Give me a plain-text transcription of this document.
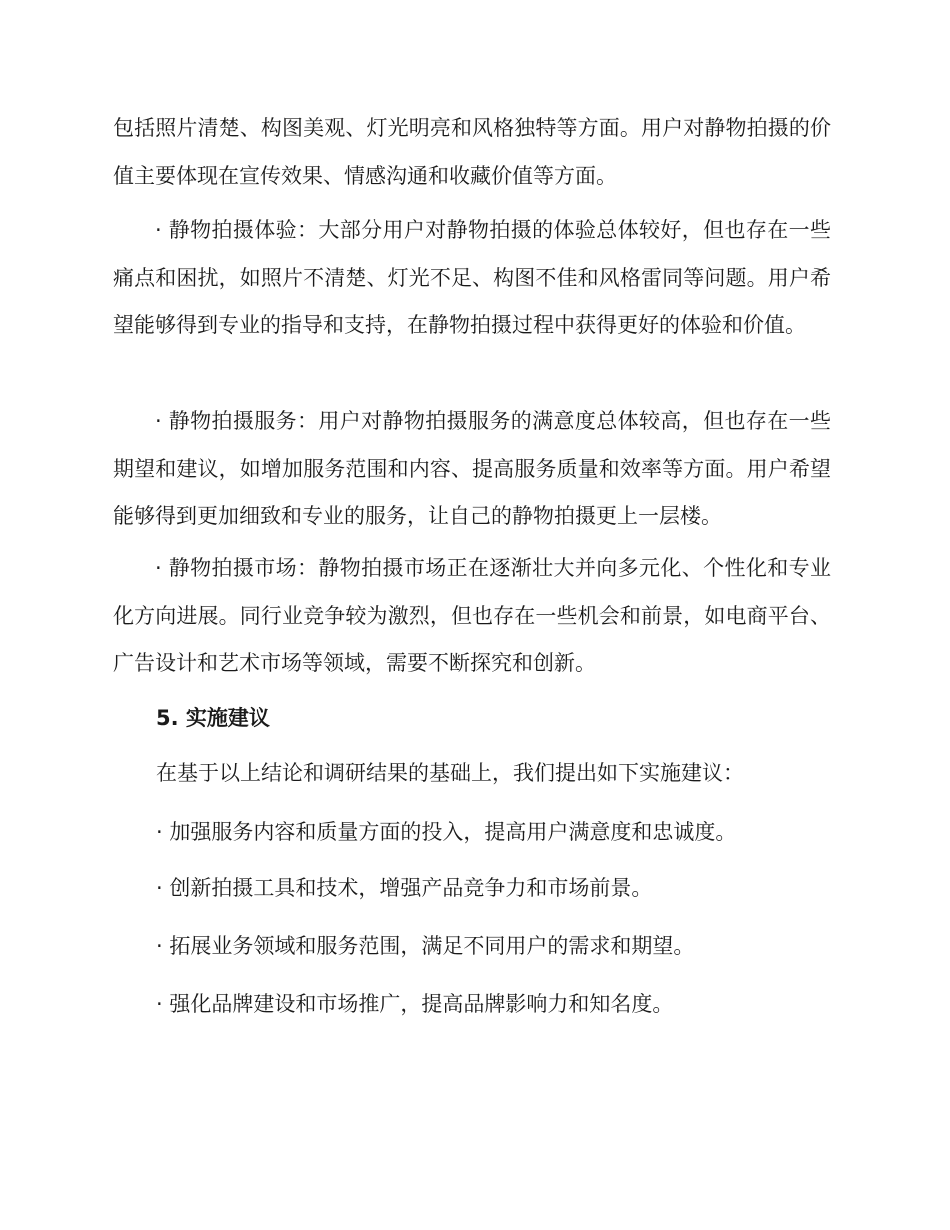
包括照片清楚、构图美观、灯光明亮和风格独特等方面。用户对静物拍摄的价值主要体现在宣传效果、情感沟通和收藏价值等方面。

· 静物拍摄体验：大部分用户对静物拍摄的体验总体较好，但也存在一些痛点和困扰，如照片不清楚、灯光不足、构图不佳和风格雷同等问题。用户希望能够得到专业的指导和支持，在静物拍摄过程中获得更好的体验和价值。

· 静物拍摄服务：用户对静物拍摄服务的满意度总体较高，但也存在一些期望和建议，如增加服务范围和内容、提高服务质量和效率等方面。用户希望能够得到更加细致和专业的服务，让自己的静物拍摄更上一层楼。

· 静物拍摄市场：静物拍摄市场正在逐渐壮大并向多元化、个性化和专业化方向进展。同行业竞争较为激烈，但也存在一些机会和前景，如电商平台、广告设计和艺术市场等领域，需要不断探究和创新。

5. 实施建议

在基于以上结论和调研结果的基础上，我们提出如下实施建议：

· 加强服务内容和质量方面的投入，提高用户满意度和忠诚度。

· 创新拍摄工具和技术，增强产品竞争力和市场前景。

· 拓展业务领域和服务范围，满足不同用户的需求和期望。

· 强化品牌建设和市场推广，提高品牌影响力和知名度。
